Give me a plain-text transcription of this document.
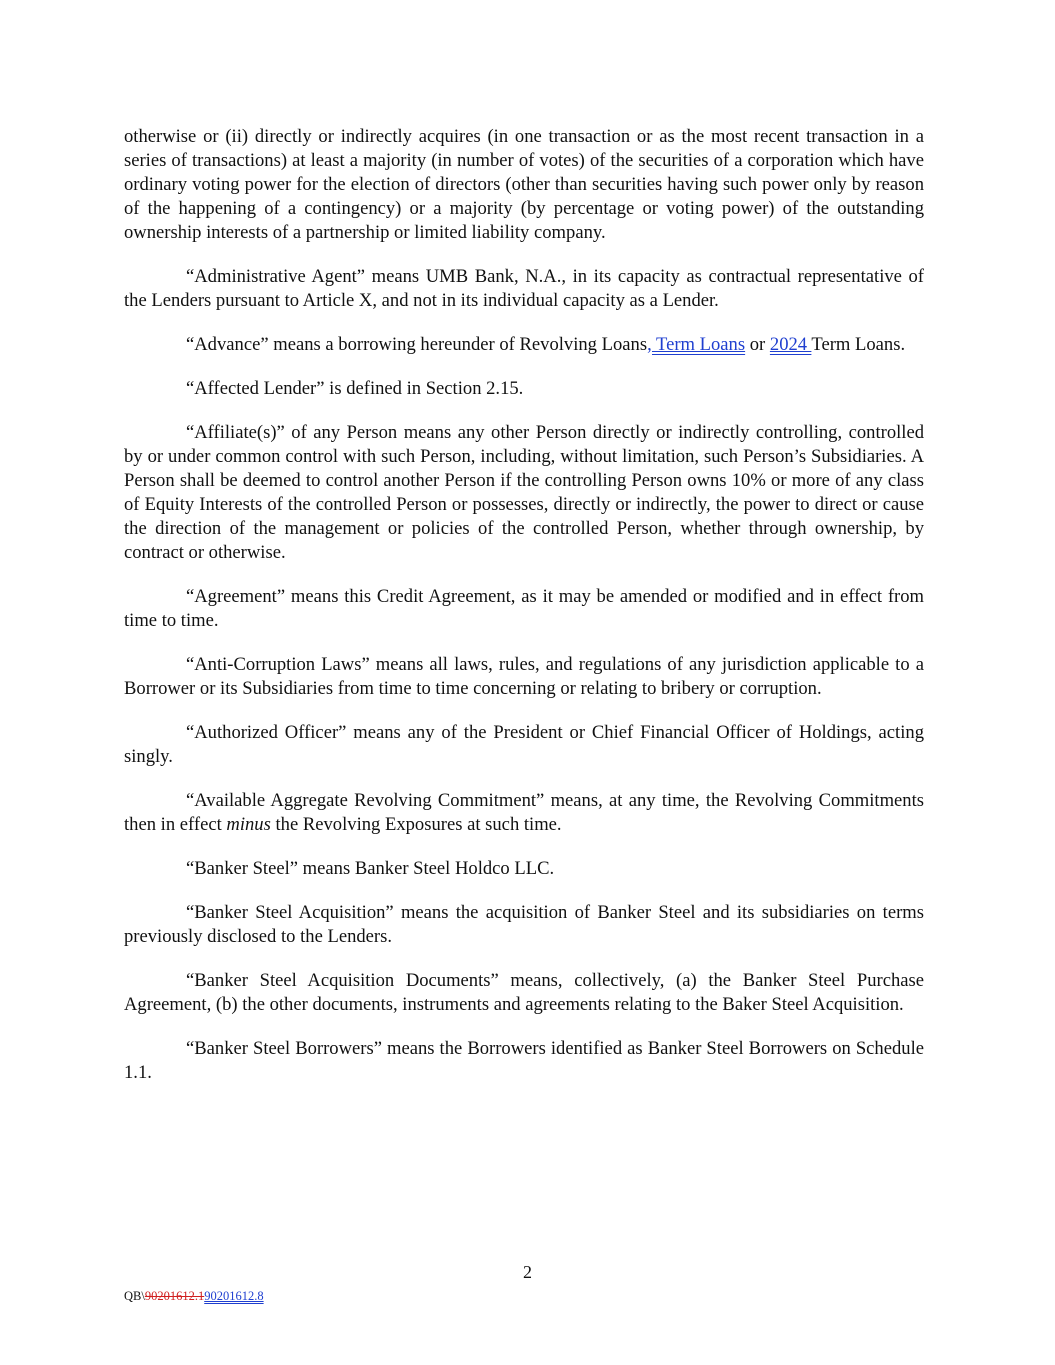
otherwise or (ii) directly or indirectly acquires (in one transaction or as the most recent transaction in a series of transactions) at least a majority (in number of votes) of the securities of a corporation which have ordinary voting power for the election of directors (other than securities having such power only by reason of the happening of a contingency) or a majority (by percentage or voting power) of the outstanding ownership interests of a partnership or limited liability company.

“Administrative Agent” means UMB Bank, N.A., in its capacity as contractual representative of the Lenders pursuant to Article X, and not in its individual capacity as a Lender.

“Advance” means a borrowing hereunder of Revolving Loans, Term Loans or 2024 Term Loans.

“Affected Lender” is defined in Section 2.15.

“Affiliate(s)” of any Person means any other Person directly or indirectly controlling, controlled by or under common control with such Person, including, without limitation, such Person’s Subsidiaries. A Person shall be deemed to control another Person if the controlling Person owns 10% or more of any class of Equity Interests of the controlled Person or possesses, directly or indirectly, the power to direct or cause the direction of the management or policies of the controlled Person, whether through ownership, by contract or otherwise.

“Agreement” means this Credit Agreement, as it may be amended or modified and in effect from time to time.

“Anti-Corruption Laws” means all laws, rules, and regulations of any jurisdiction applicable to a Borrower or its Subsidiaries from time to time concerning or relating to bribery or corruption.

“Authorized Officer” means any of the President or Chief Financial Officer of Holdings, acting singly.

“Available Aggregate Revolving Commitment” means, at any time, the Revolving Commitments then in effect minus the Revolving Exposures at such time.

“Banker Steel” means Banker Steel Holdco LLC.

“Banker Steel Acquisition” means the acquisition of Banker Steel and its subsidiaries on terms previously disclosed to the Lenders.

“Banker Steel Acquisition Documents” means, collectively, (a) the Banker Steel Purchase Agreement, (b) the other documents, instruments and agreements relating to the Baker Steel Acquisition.

“Banker Steel Borrowers” means the Borrowers identified as Banker Steel Borrowers on Schedule 1.1.

2
QB\90201612.190201612.8
